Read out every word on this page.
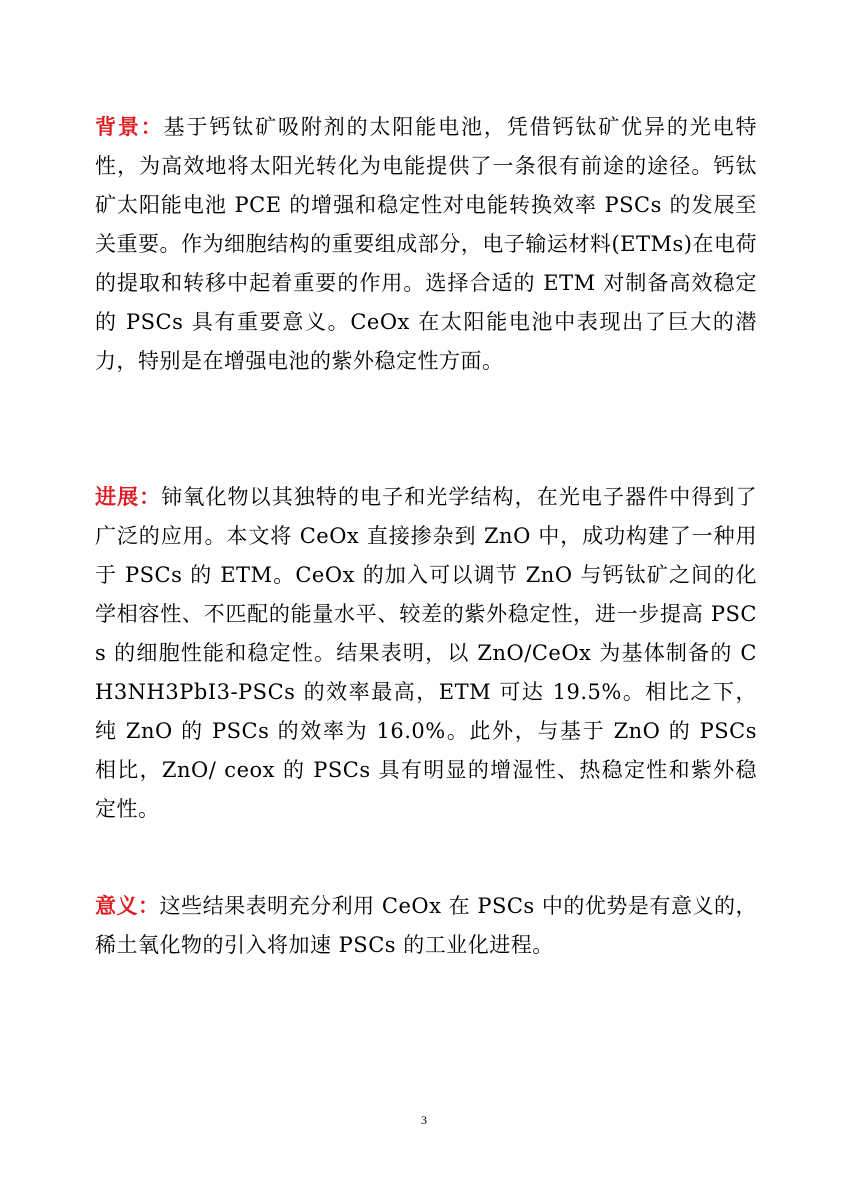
背景：基于钙钛矿吸附剂的太阳能电池，凭借钙钛矿优异的光电特性，为高效地将太阳光转化为电能提供了一条很有前途的途径。钙钛矿太阳能电池 PCE 的增强和稳定性对电能转换效率 PSCs 的发展至关重要。作为细胞结构的重要组成部分，电子输运材料(ETMs)在电荷的提取和转移中起着重要的作用。选择合适的 ETM 对制备高效稳定的 PSCs 具有重要意义。CeOx 在太阳能电池中表现出了巨大的潜力，特别是在增强电池的紫外稳定性方面。

进展：铈氧化物以其独特的电子和光学结构，在光电子器件中得到了广泛的应用。本文将 CeOx 直接掺杂到 ZnO 中，成功构建了一种用于 PSCs 的 ETM。CeOx 的加入可以调节 ZnO 与钙钛矿之间的化学相容性、不匹配的能量水平、较差的紫外稳定性，进一步提高 PSCs 的细胞性能和稳定性。结果表明，以 ZnO/CeOx 为基体制备的 CH3NH3PbI3-PSCs 的效率最高，ETM 可达 19.5%。相比之下，纯 ZnO 的 PSCs 的效率为 16.0%。此外，与基于 ZnO 的 PSCs 相比，ZnO/ ceox 的 PSCs 具有明显的增湿性、热稳定性和紫外稳定性。

意义：这些结果表明充分利用 CeOx 在 PSCs 中的优势是有意义的，稀土氧化物的引入将加速 PSCs 的工业化进程。

3
